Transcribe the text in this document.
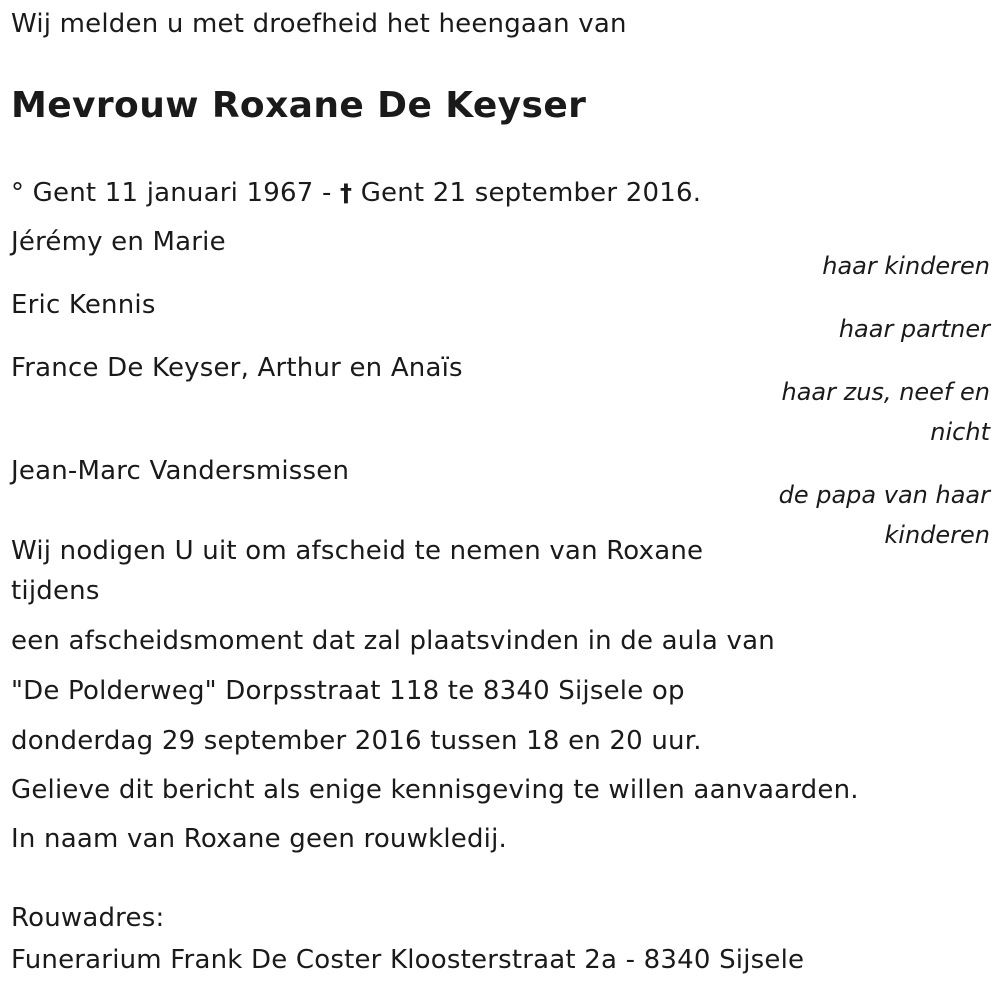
Wij melden u met droefheid het heengaan van
Mevrouw Roxane De Keyser
° Gent 11 januari 1967 - † Gent 21 september 2016.
Jérémy en Marie
haar kinderen
Eric Kennis
haar partner
France De Keyser, Arthur en Anaïs
haar zus, neef en
nicht
Jean-Marc Vandersmissen
de papa van haar
kinderen
Wij nodigen U uit om afscheid te nemen van Roxane
tijdens
een afscheidsmoment dat zal plaatsvinden in de aula van
"De Polderweg" Dorpsstraat 118 te 8340 Sijsele op
donderdag 29 september 2016 tussen 18 en 20 uur.
Gelieve dit bericht als enige kennisgeving te willen aanvaarden.
In naam van Roxane geen rouwkledij.
Rouwadres:
Funerarium Frank De Coster Kloosterstraat 2a - 8340 Sijsele
